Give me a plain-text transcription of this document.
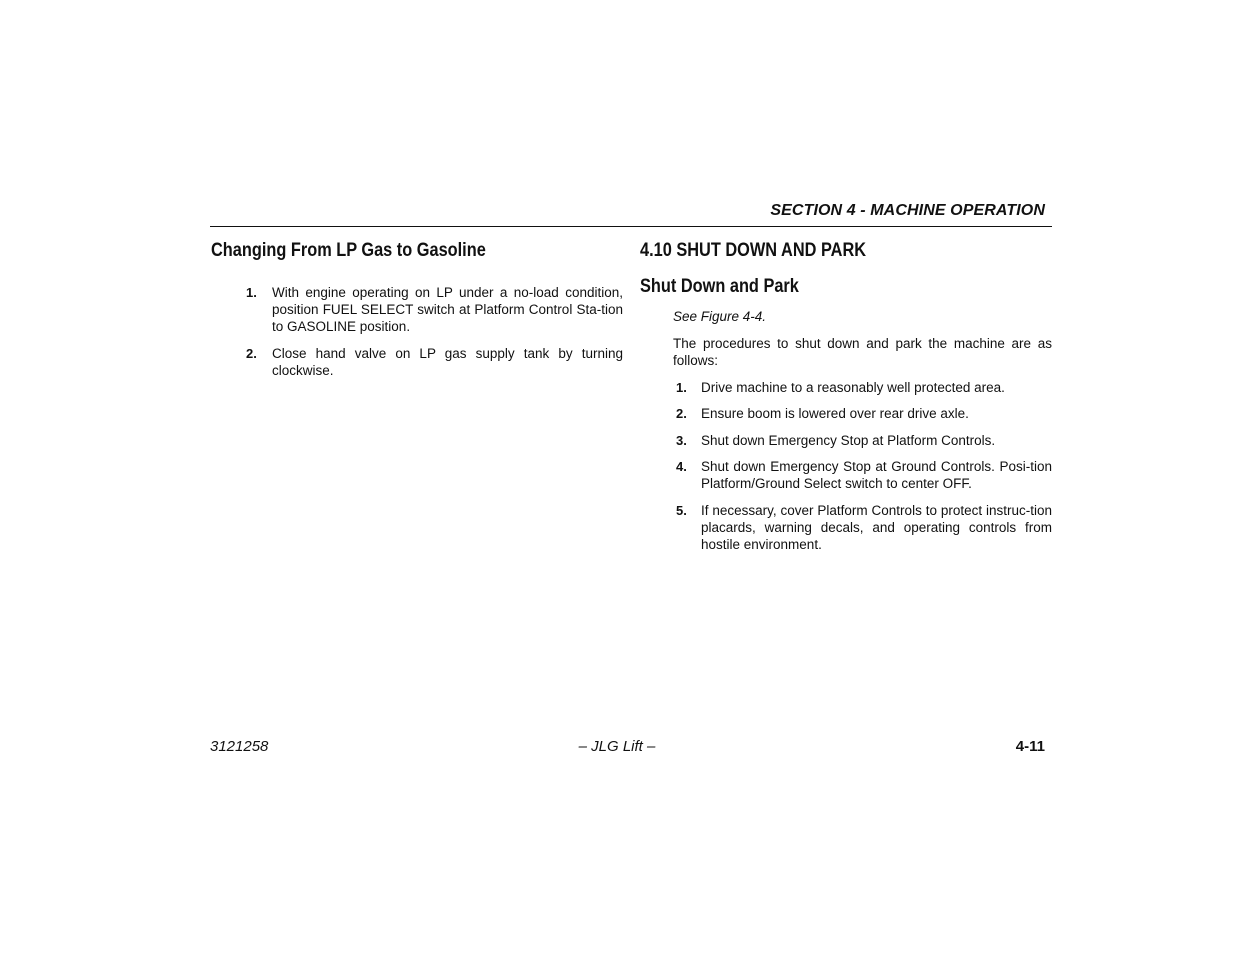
SECTION 4 - MACHINE OPERATION
Changing From LP Gas to Gasoline
1. With engine operating on LP under a no-load condition, position FUEL SELECT switch at Platform Control Sta-tion to GASOLINE position.
2. Close hand valve on LP gas supply tank by turning clockwise.
4.10 SHUT DOWN AND PARK
Shut Down and Park
See Figure 4-4.
The procedures to shut down and park the machine are as follows:
1. Drive machine to a reasonably well protected area.
2. Ensure boom is lowered over rear drive axle.
3. Shut down Emergency Stop at Platform Controls.
4. Shut down Emergency Stop at Ground Controls. Posi-tion Platform/Ground Select switch to center OFF.
5. If necessary, cover Platform Controls to protect instruc-tion placards, warning decals, and operating controls from hostile environment.
3121258	– JLG Lift –	4-11
